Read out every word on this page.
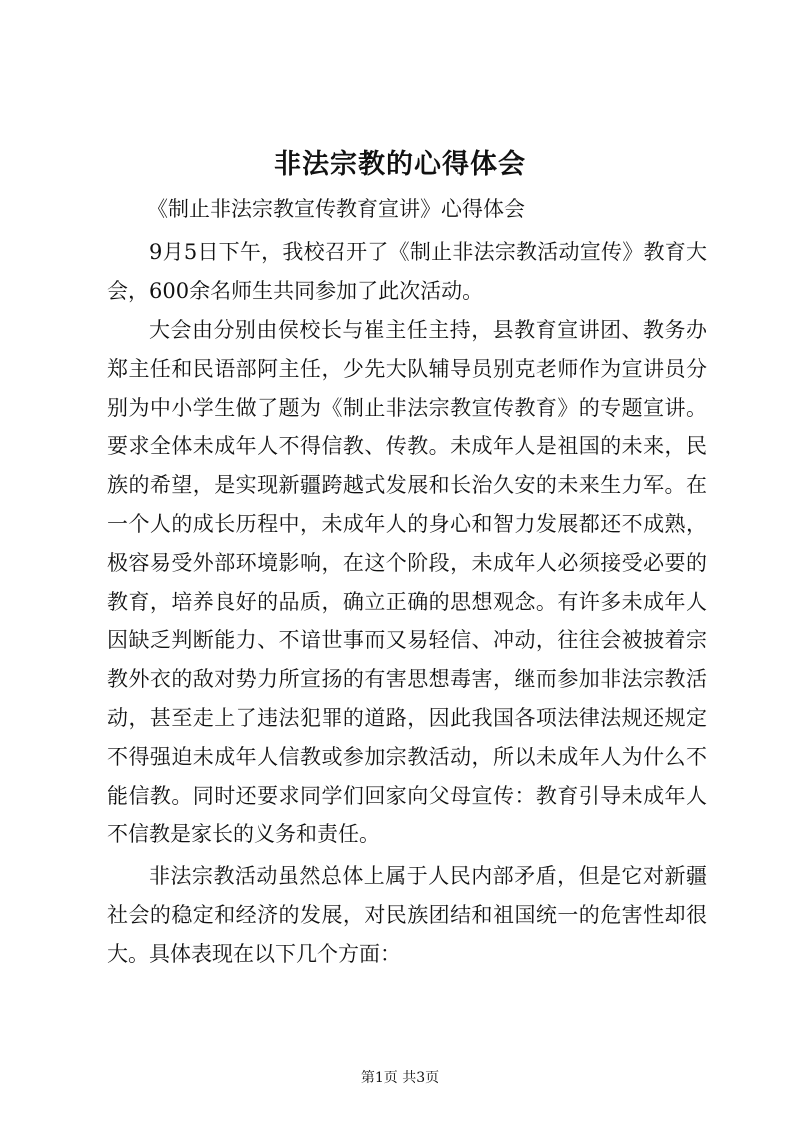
非法宗教的心得体会
《制止非法宗教宣传教育宣讲》心得体会

9月5日下午，我校召开了《制止非法宗教活动宣传》教育大会，600余名师生共同参加了此次活动。

大会由分别由侯校长与崔主任主持，县教育宣讲团、教务办郑主任和民语部阿主任，少先大队辅导员别克老师作为宣讲员分别为中小学生做了题为《制止非法宗教宣传教育》的专题宣讲。要求全体未成年人不得信教、传教。未成年人是祖国的未来，民族的希望，是实现新疆跨越式发展和长治久安的未来生力军。在一个人的成长历程中，未成年人的身心和智力发展都还不成熟，极容易受外部环境影响，在这个阶段，未成年人必须接受必要的教育，培养良好的品质，确立正确的思想观念。有许多未成年人因缺乏判断能力、不谙世事而又易轻信、冲动，往往会被披着宗教外衣的敌对势力所宣扬的有害思想毒害，继而参加非法宗教活动，甚至走上了违法犯罪的道路，因此我国各项法律法规还规定不得强迫未成年人信教或参加宗教活动，所以未成年人为什么不能信教。同时还要求同学们回家向父母宣传：教育引导未成年人不信教是家长的义务和责任。

非法宗教活动虽然总体上属于人民内部矛盾，但是它对新疆社会的稳定和经济的发展，对民族团结和祖国统一的危害性却很大。具体表现在以下几个方面：

第1页 共3页
